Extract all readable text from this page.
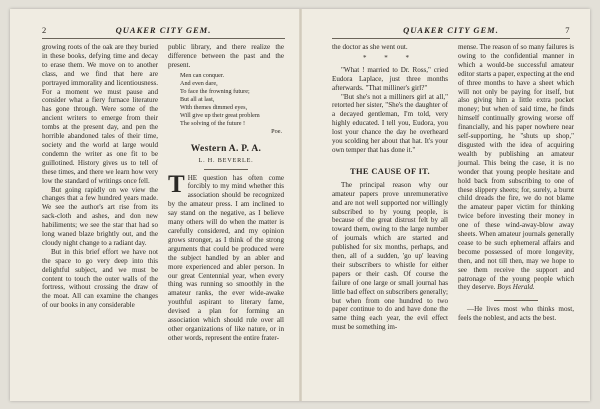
2	QUAKER CITY GEM.

growing roots of the oak are they buried in these books, defying time and decay to erase them. We move on to another class, and we find that here are portrayed immorality and licentiousness. For a moment we must pause and consider what a fiery furnace literature has gone through. Were some of the ancient writers to emerge from their tombs at the present day, and pen the horrible abandoned tales of their time, society and the world at large would condemn the writer as one fit to be guillotined. History gives us to tell of these times, and there we learn how very low the standard of writings once fell.

But going rapidly on we view the changes that a few hundred years made. We see the author's art rise from its sack-cloth and ashes, and don new habiliments; we see the star that had so long waned blaze brightly out, and the cloudy night change to a radiant day.

But in this brief effort we have not the space to go very deep into this delightful subject, and we must be content to touch the outer walls of the fortress, without crossing the draw of the moat. All can examine the changes of our books in any considerable

public library, and there realize the difference between the past and the present.

Men can conquer.
And even dare,
To face the frowning future;
But all at last,
With themes dimmed eyes,
Will give up their great problem
The solving of the future !
Poe.
Western A. P. A.
L. H. BEVERLE.

THE question has often come forcibly to my mind whether this association should be recognized by the amateur press. I am inclined to say stand on the negative, as I believe many others will do when the matter is carefully considered, and my opinion grows stronger, as I think of the strong arguments that could be produced were the subject handled by an abler and more experienced and abler person. In our great Centennial year, when every thing was running so smoothly in the amateur ranks, the ever wide-awake youthful aspirant to literary fame, devised a plan for forming an association which should rule over all other organizations of like nature, or in other words, represent the entire frater-

QUAKER CITY GEM.	7

the doctor as she went out.

* * *

"What ! married to Dr. Ross," cried Eudora Laplace, just three months afterwards. "That milliner's girl?"

"But she's not a milliners girl at all," retorted her sister, "She's the daughter of a decayed gentleman, I'm told, very highly educated. I tell you, Eudora, you lost your chance the day he overheard you scolding her about that hat. It's your own temper that has done it."

THE CAUSE OF IT.

The principal reason why our amateur papers prove unremunerative and are not well supported nor willingly subscribed to by young people, is because of the great distrust felt by all toward them, owing to the large number of journals which are started and published for six months, perhaps, and then, all of a sudden, 'go up' leaving their subscribers to whistle for either papers or their cash. Of course the failure of one large or small journal has little bad effect on subscribers generally; but when from one hundred to two paper continue to do and have done the same thing each year, the evil effect must be something im-

mense. The reason of so many failures is owing to the confidential manner in which a would-be successful amateur editor starts a paper, expecting at the end of three months to have a sheet which will not only be paying for itself, but also giving him a little extra pocket money; but when of said time, he finds himself continually growing worse off financially, and his paper nowhere near self-supporting, he "shuts up shop," disgusted with the idea of acquiring wealth by publishing an amateur journal. This being the case, it is no wonder that young people hesitate and hold back from subscribing to one of these slippery sheets; for, surely, a burnt child dreads the fire, we do not blame the amateur paper victim for thinking twice before investing their money in one of these wind-away-blow away sheets. When amateur journals generally cease to be such ephemeral affairs and become possessed of more longevity, then, and not till then, may we hope to see them receive the support and patronage of the young people which they deserve. Boys Herald.

—He lives most who thinks most, feels the noblest, and acts the best.
